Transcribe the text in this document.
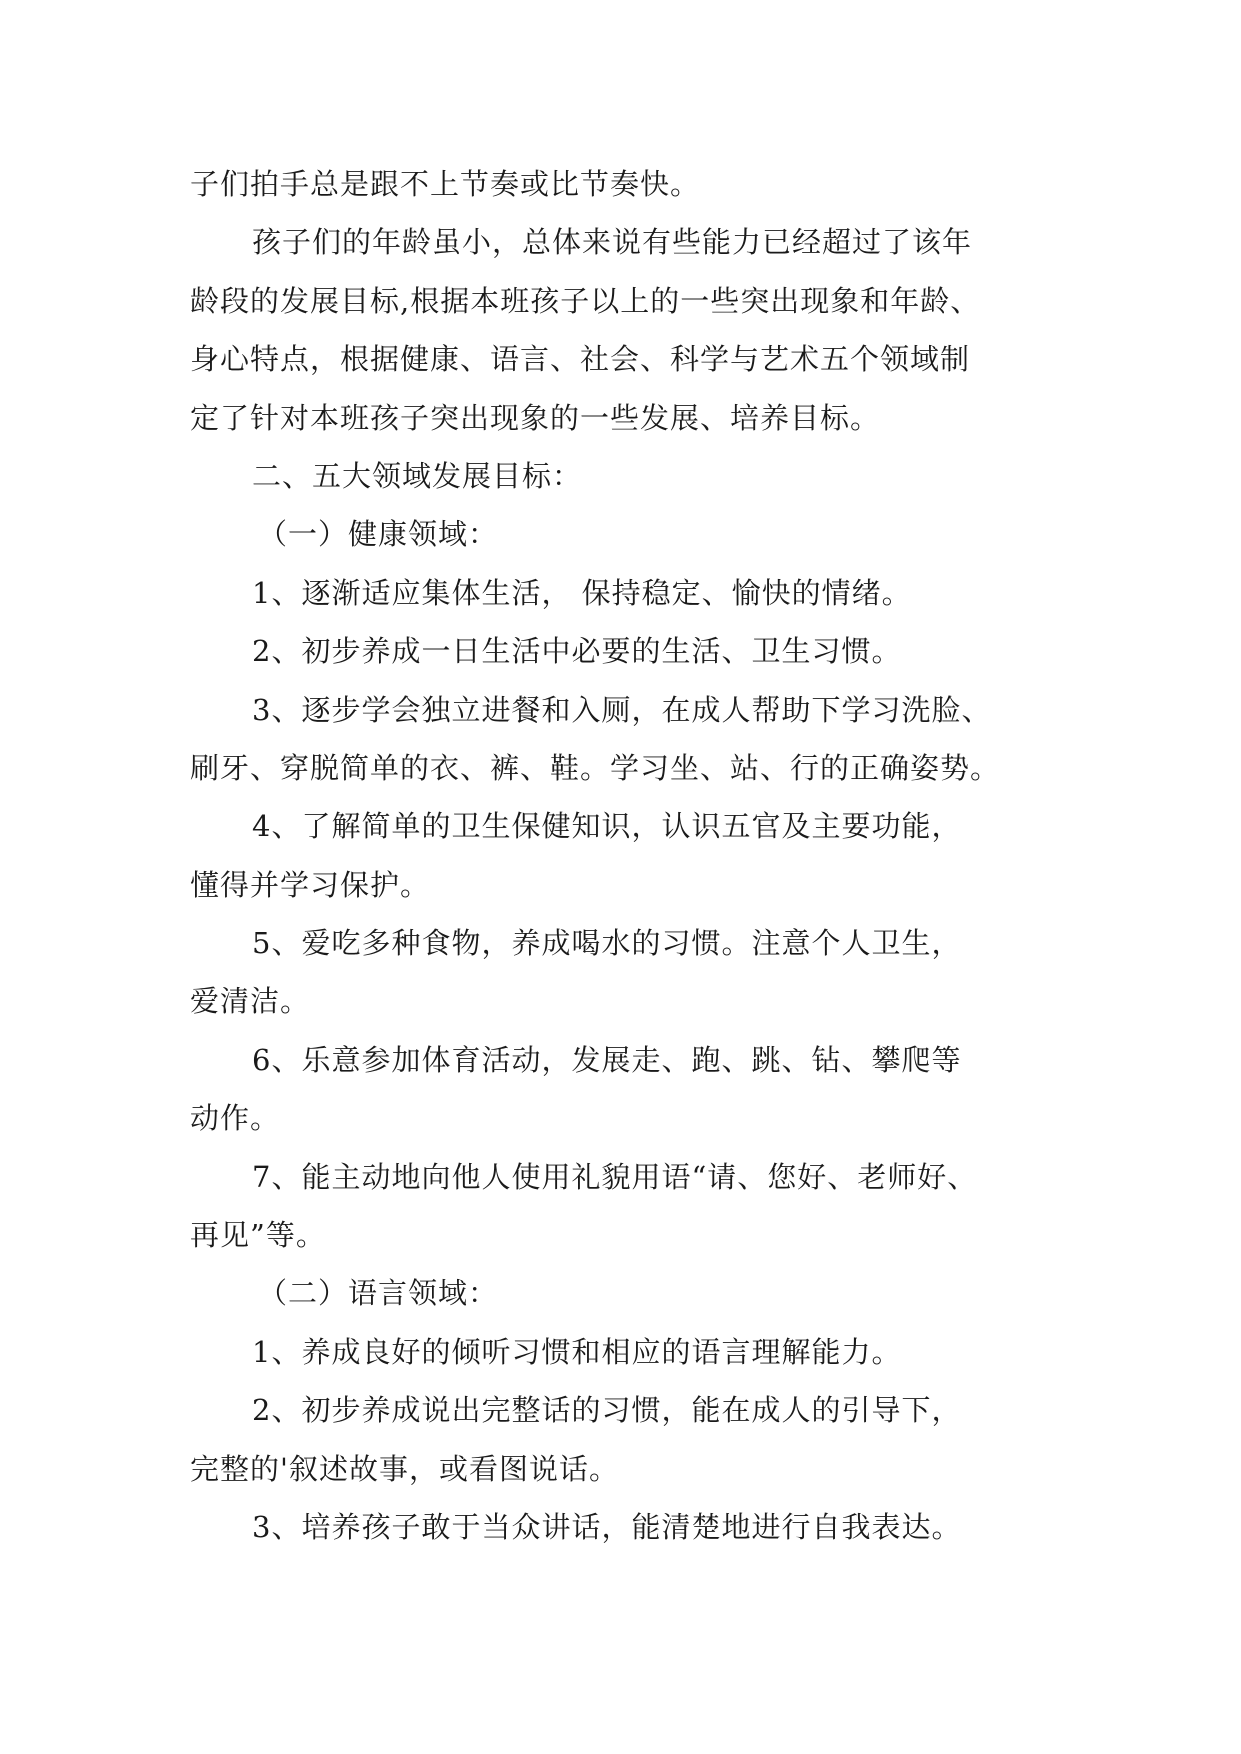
子们拍手总是跟不上节奏或比节奏快。
孩子们的年龄虽小，总体来说有些能力已经超过了该年
龄段的发展目标,根据本班孩子以上的一些突出现象和年龄、
身心特点，根据健康、语言、社会、科学与艺术五个领域制
定了针对本班孩子突出现象的一些发展、培养目标。
二、五大领域发展目标：
（一）健康领域：
1、逐渐适应集体生活， 保持稳定、愉快的情绪。
2、初步养成一日生活中必要的生活、卫生习惯。
3、逐步学会独立进餐和入厕，在成人帮助下学习洗脸、
刷牙、穿脱简单的衣、裤、鞋。学习坐、站、行的正确姿势。
4、了解简单的卫生保健知识，认识五官及主要功能，
懂得并学习保护。
5、爱吃多种食物，养成喝水的习惯。注意个人卫生，
爱清洁。
6、乐意参加体育活动，发展走、跑、跳、钻、攀爬等
动作。
7、能主动地向他人使用礼貌用语“请、您好、老师好、
再见”等。
（二）语言领域：
1、养成良好的倾听习惯和相应的语言理解能力。
2、初步养成说出完整话的习惯，能在成人的引导下，
完整的'叙述故事，或看图说话。
3、培养孩子敢于当众讲话，能清楚地进行自我表达。
